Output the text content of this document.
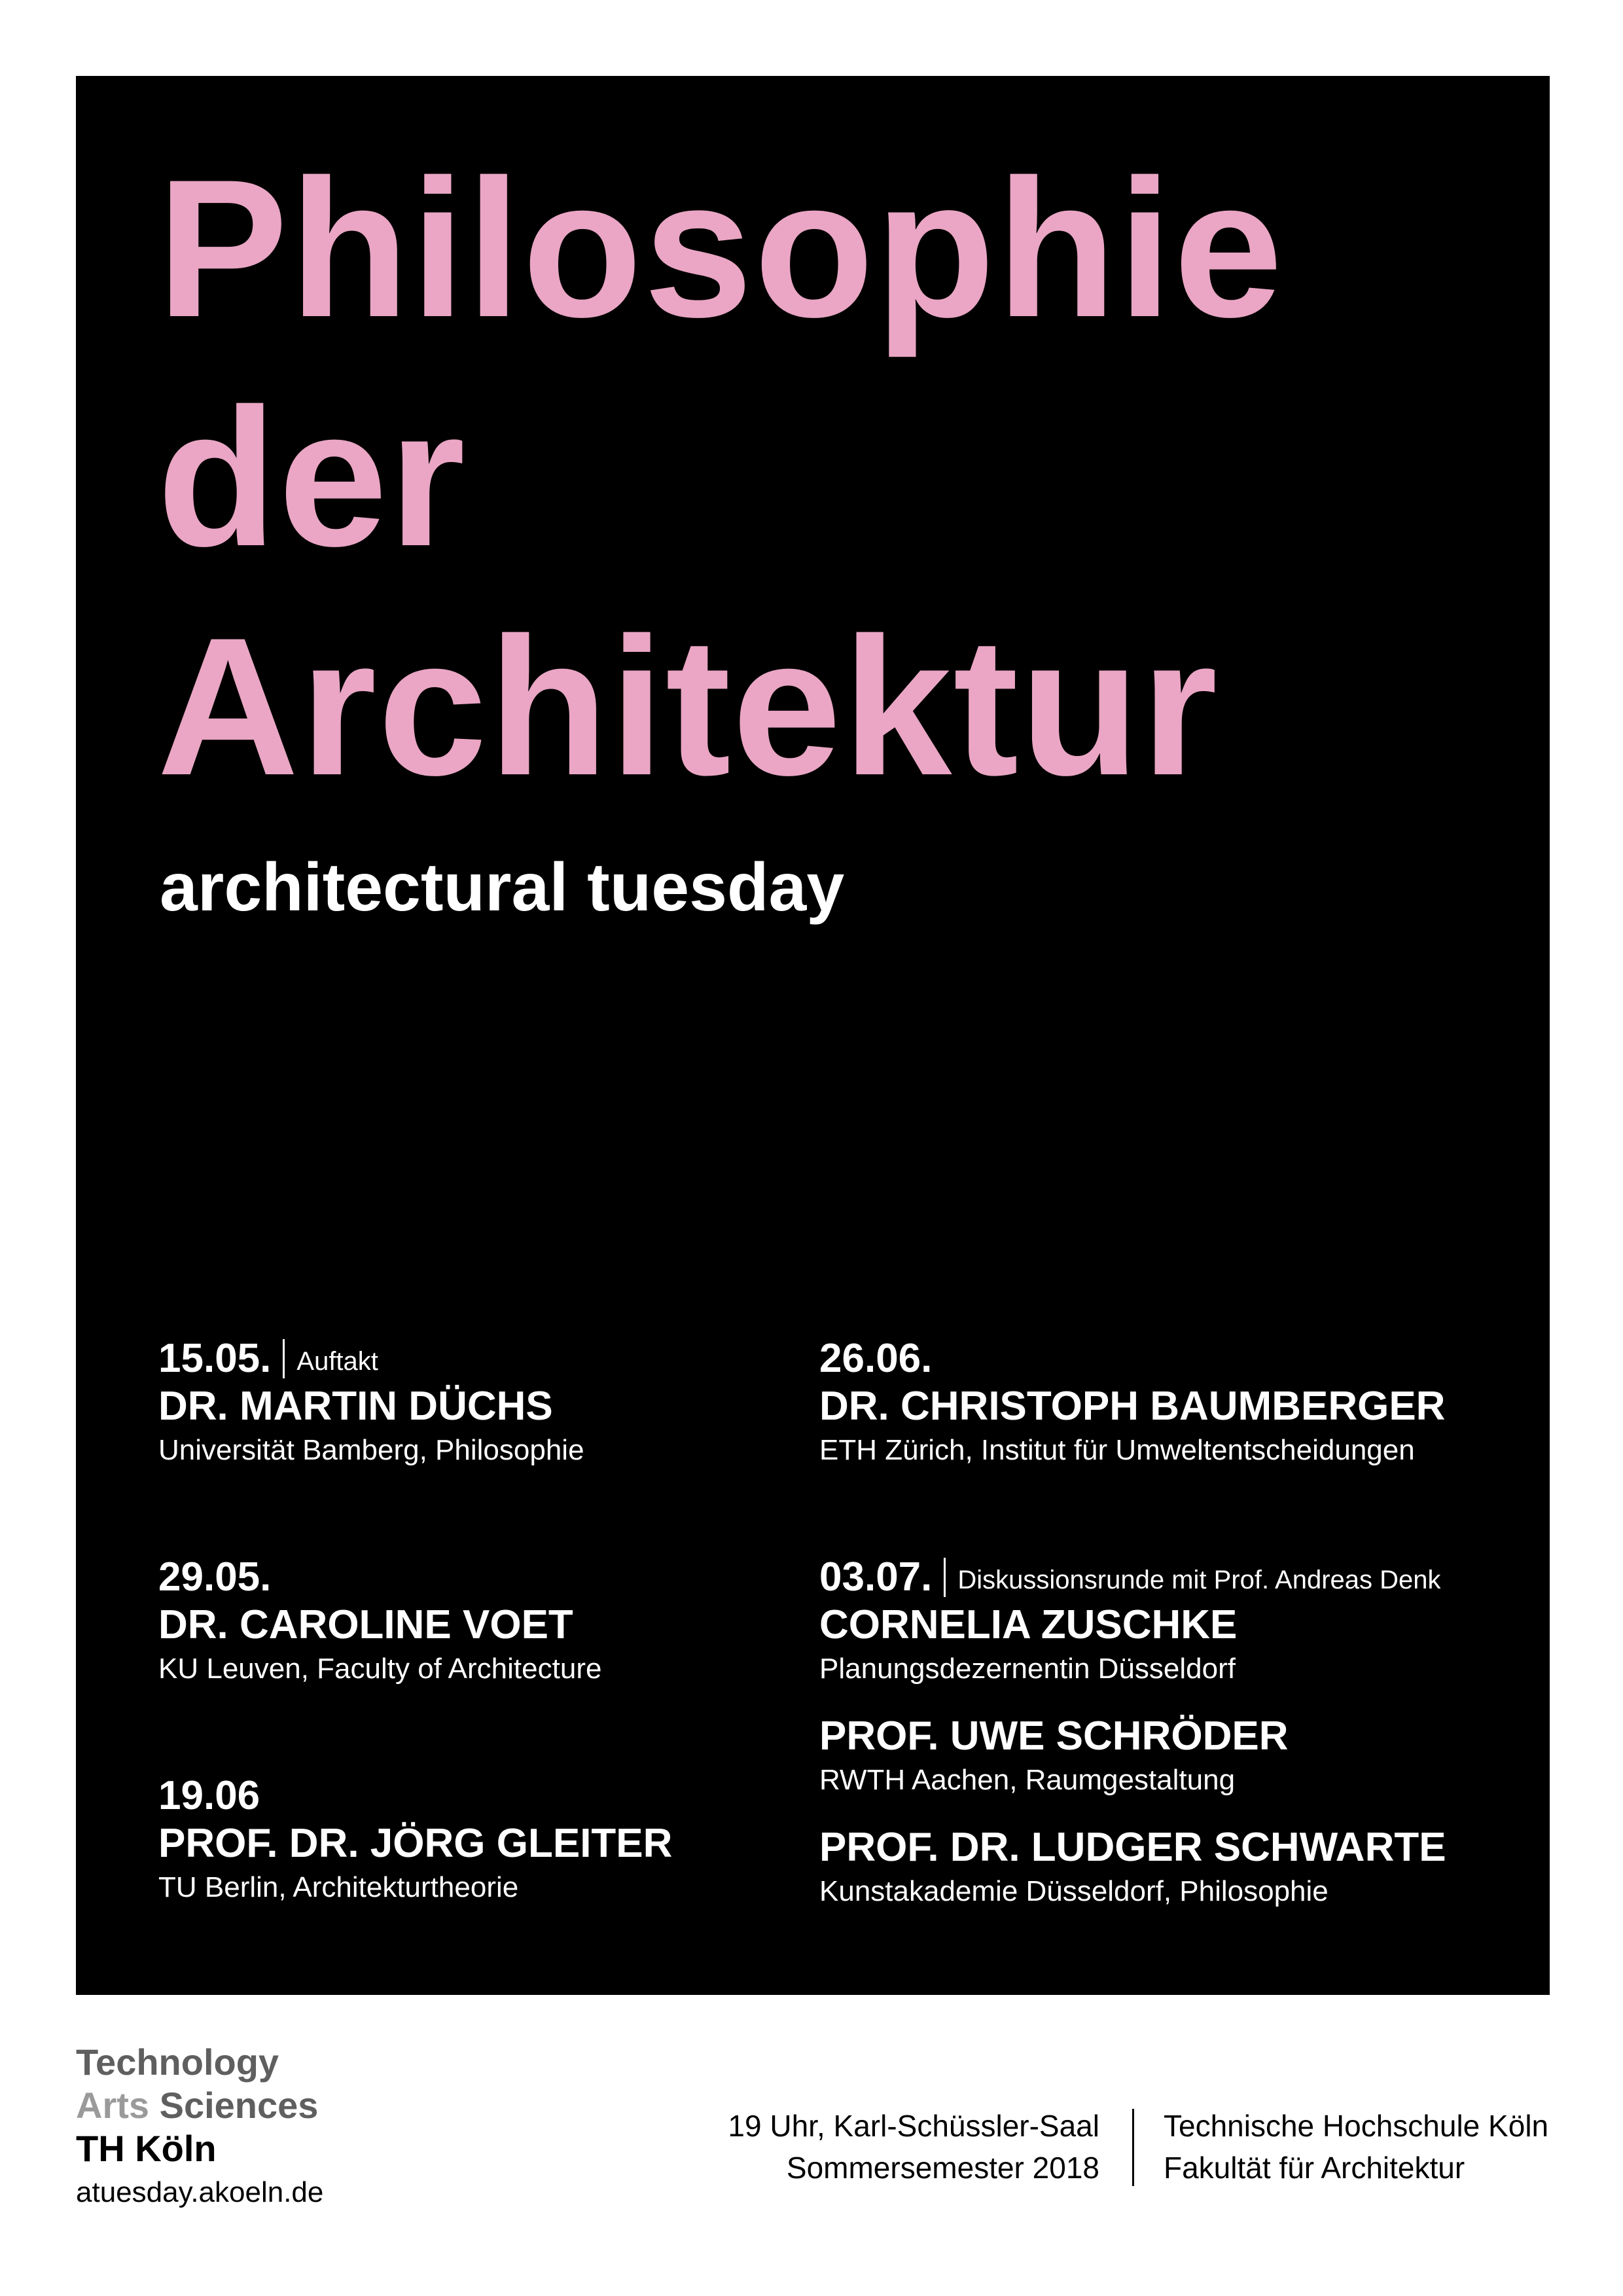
Philosophie
der
Architektur
architectural tuesday
15.05. Auftakt
DR. MARTIN DÜCHS
Universität Bamberg, Philosophie
29.05.
DR. CAROLINE VOET
KU Leuven, Faculty of Architecture
19.06
PROF. DR. JÖRG GLEITER
TU Berlin, Architekturtheorie
26.06.
DR. CHRISTOPH BAUMBERGER
ETH Zürich, Institut für Umweltentscheidungen
03.07. Diskussionsrunde mit Prof. Andreas Denk
CORNELIA ZUSCHKE
Planungsdezernentin Düsseldorf
PROF. UWE SCHRÖDER
RWTH Aachen, Raumgestaltung
PROF. DR. LUDGER SCHWARTE
Kunstakademie Düsseldorf, Philosophie
Technology
Arts Sciences
TH Köln
atuesday.akoeln.de
19 Uhr, Karl-Schüssler-Saal
Sommersemester 2018
Technische Hochschule Köln
Fakultät für Architektur
